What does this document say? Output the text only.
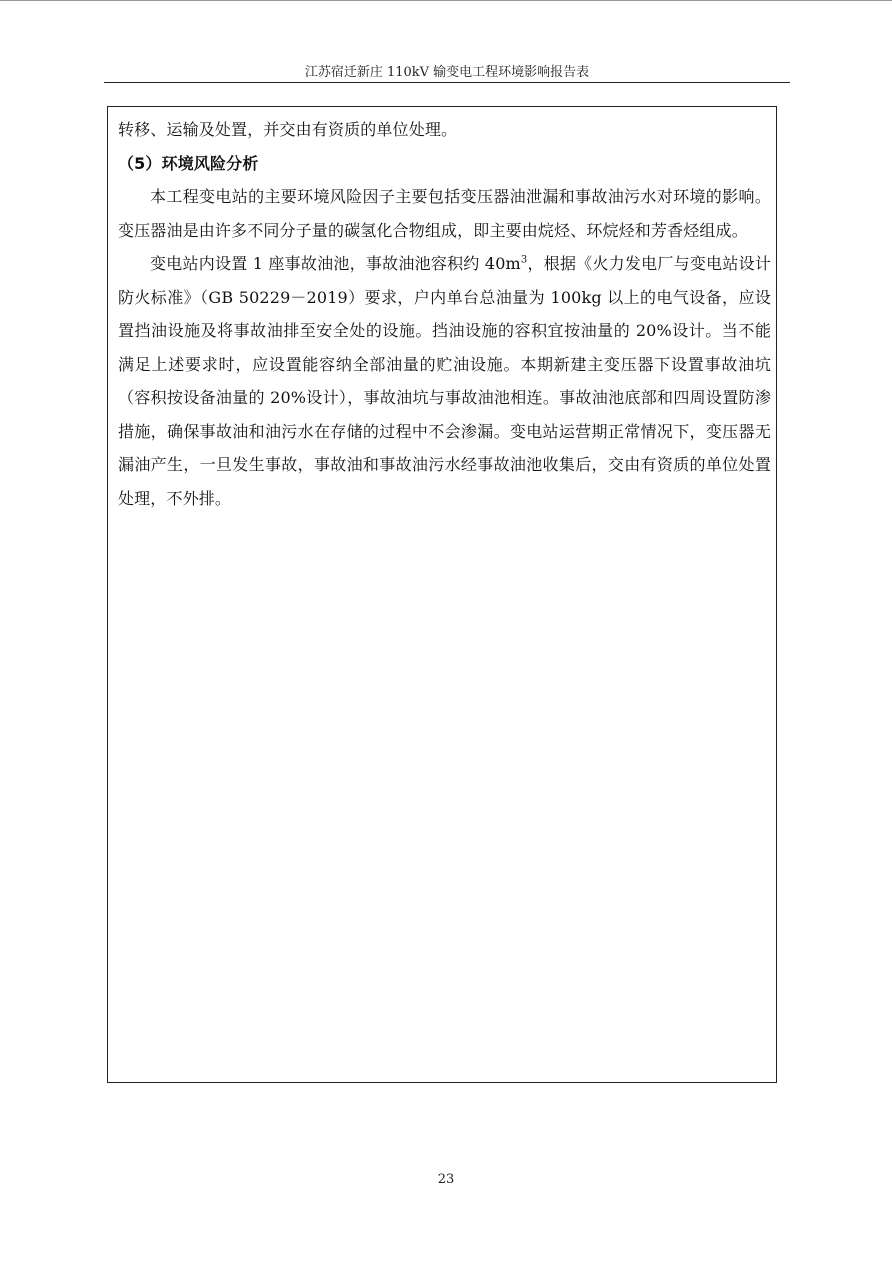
江苏宿迁新庄 110kV 输变电工程环境影响报告表

转移、运输及处置，并交由有资质的单位处理。

（5）环境风险分析

本工程变电站的主要环境风险因子主要包括变压器油泄漏和事故油污水对环境的影响。变压器油是由许多不同分子量的碳氢化合物组成，即主要由烷烃、环烷烃和芳香烃组成。

变电站内设置 1 座事故油池，事故油池容积约 $40m^3$，根据《火力发电厂与变电站设计防火标准》（GB 50229－2019）要求，户内单台总油量为 100kg 以上的电气设备，应设置挡油设施及将事故油排至安全处的设施。挡油设施的容积宜按油量的 20%设计。当不能满足上述要求时，应设置能容纳全部油量的贮油设施。本期新建主变压器下设置事故油坑（容积按设备油量的 20%设计），事故油坑与事故油池相连。事故油池底部和四周设置防渗措施，确保事故油和油污水在存储的过程中不会渗漏。变电站运营期正常情况下，变压器无漏油产生，一旦发生事故，事故油和事故油污水经事故油池收集后，交由有资质的单位处置处理，不外排。

23
